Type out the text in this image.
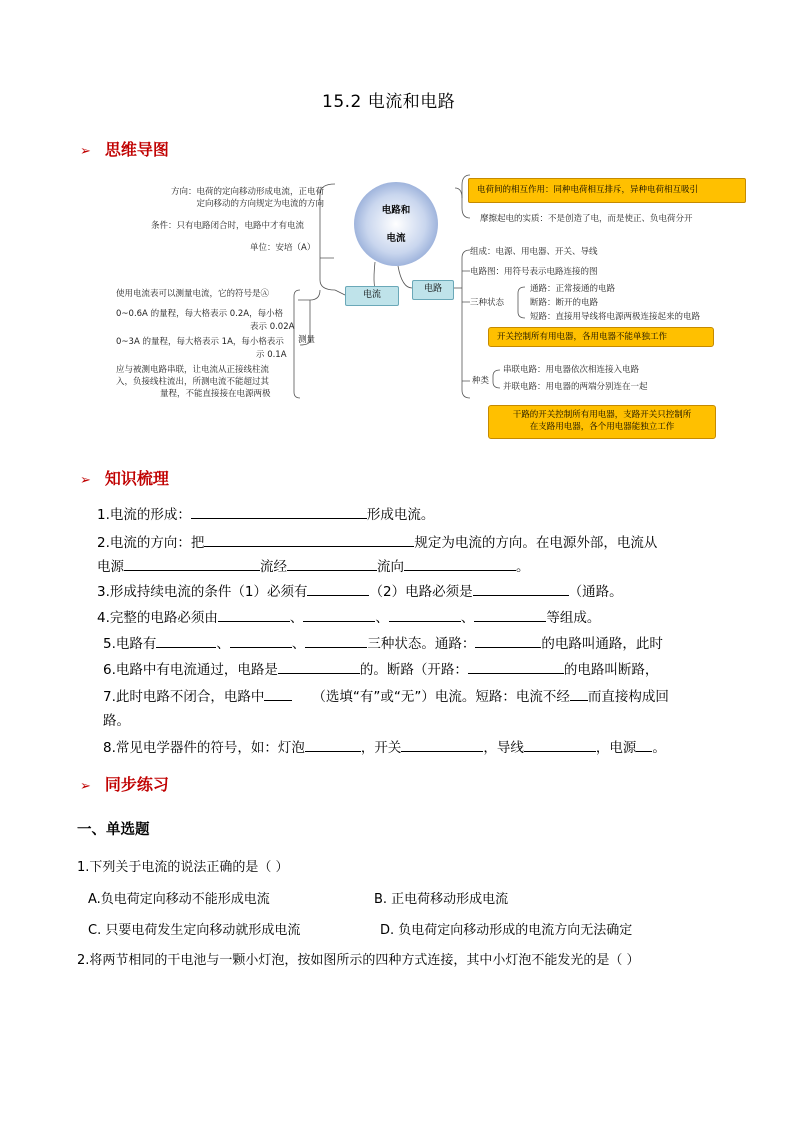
15.2 电流和电路
➢ 思维导图
电路和
电流
电流
电路
方向：电荷的定向移动形成电流，正电荷
定向移动的方向规定为电流的方向
条件：只有电路闭合时，电路中才有电流
单位：安培（A）
测量
使用电流表可以测量电流，它的符号是Ⓐ
0~0.6A 的量程，每大格表示 0.2A，每小格
表示 0.02A
0~3A 的量程，每大格表示 1A，每小格表示
示 0.1A
应与被测电路串联，让电流从正接线柱流
入，负接线柱流出，所测电流不能超过其
量程，不能直接接在电源两极
电荷间的相互作用：同种电荷相互排斥，异种电荷相互吸引
摩擦起电的实质：不是创造了电，而是使正、负电荷分开
组成：电源、用电器、开关、导线
电路图：用符号表示电路连接的图
三种状态
通路：正常接通的电路
断路：断开的电路
短路：直接用导线将电源两极连接起来的电路
开关控制所有用电器，各用电器不能单独工作
种类
串联电路：用电器依次相连接入电路
并联电路：用电器的两端分别连在一起
干路的开关控制所有用电器，支路开关只控制所
在支路用电器，各个用电器能独立工作
➢ 知识梳理
1.电流的形成：	形成电流。
2.电流的方向：把	规定为电流的方向。在电源外部，电流从
电源	流经	流向	。
3.形成持续电流的条件（1）必须有	（2）电路必须是	（通路。
4.完整的电路必须由	、	、	、	等组成。
5.电路有	、	、	三种状态。通路：	的电路叫通路，此时
6.电路中有电流通过，电路是	的。断路（开路：	的电路叫断路，
7.此时电路不闭合，电路中	（选填“有”或“无”）电流。短路：电流不经 而直接构成回
路。
8.常见电学器件的符号，如：灯泡	，开关	，导线	，电源 。
➢ 同步练习
一、单选题
1.下列关于电流的说法正确的是（ ）
A.负电荷定向移动不能形成电流	B. 正电荷移动形成电流
C. 只要电荷发生定向移动就形成电流	D. 负电荷定向移动形成的电流方向无法确定
2.将两节相同的干电池与一颗小灯泡，按如图所示的四种方式连接，其中小灯泡不能发光的是（ ）
